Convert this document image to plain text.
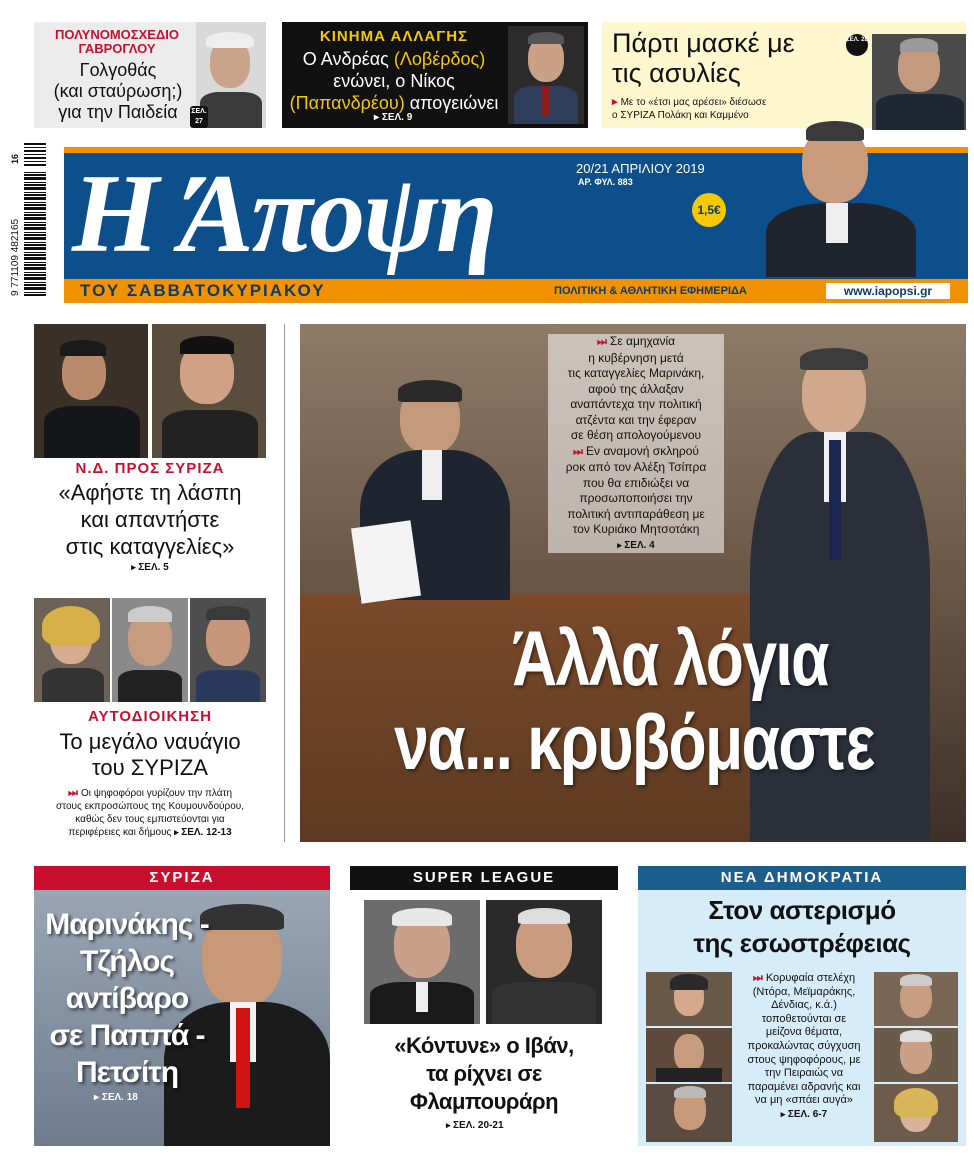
ΠΟΛΥΝΟΜΟΣΧΕΔΙΟ ΓΑΒΡΟΓΛΟΥ
Γολγοθάς
(και σταύρωση;)
για την Παιδεία	ΣΕΛ. 27
ΚΙΝΗΜΑ ΑΛΛΑΓΗΣ
Ο Ανδρέας (Λοβέρδος)
ενώνει, ο Νίκος
(Παπανδρέου) απογειώνει
▸ ΣΕΛ. 9
Πάρτι μασκέ με
τις ασυλίες
ΣΕΛ. 28
▸ Με το «έτσι μας αρέσει» διέσωσε
ο ΣΥΡΙΖΑ Πολάκη και Καμμένο
16
9 771109 482165 Η Άποψη
ΤΟΥ ΣΑΒΒΑΤΟΚΥΡΙΑΚΟΥ
20/21 ΑΠΡΙΛΙΟΥ 2019
ΑΡ. ΦΥΛ. 883
1,5€
ΠΟΛΙΤΙΚΗ & ΑΘΛΗΤΙΚΗ ΕΦΗΜΕΡΙΔΑ	www.iapopsi.gr
Ν.Δ. ΠΡΟΣ ΣΥΡΙΖΑ
«Αφήστε τη λάσπη
και απαντήστε
στις καταγγελίες»
▸ ΣΕΛ. 5
ΑΥΤΟΔΙΟΙΚΗΣΗ
Το μεγάλο ναυάγιο
του ΣΥΡΙΖΑ
⏭ Οι ψηφοφόροι γυρίζουν την πλάτη
στους εκπροσώπους της Κουμουνδούρου,
καθώς δεν τους εμπιστεύονται για
περιφέρειες και δήμους ▸ ΣΕΛ. 12-13
⏭ Σε αμηχανία
η κυβέρνηση μετά
τις καταγγελίες Μαρινάκη,
αφού της άλλαξαν
αναπάντεχα την πολιτική
ατζέντα και την έφεραν
σε θέση απολογούμενου
⏭ Εν αναμονή σκληρού
ροκ από τον Αλέξη Τσίπρα
που θα επιδιώξει να
προσωποποιήσει την
πολιτική αντιπαράθεση με
τον Κυριάκο Μητσοτάκη
▸ ΣΕΛ. 4
Άλλα λόγια
να... κρυβόμαστε
ΣΥΡΙΖΑ
Μαρινάκης -
Τζήλος
αντίβαρο
σε Παππά -
Πετσίτη
▸ ΣΕΛ. 18
SUPER LEAGUE
«Κόντυνε» ο Ιβάν,
τα ρίχνει σε
Φλαμπουράρη
▸ ΣΕΛ. 20-21
ΝΕΑ ΔΗΜΟΚΡΑΤΙΑ
Στον αστερισμό
της εσωστρέφειας
⏭ Κορυφαία στελέχη
(Ντόρα, Μεϊμαράκης,
Δένδιας, κ.ά.)
τοποθετούνται σε
μείζονα θέματα,
προκαλώντας σύγχυση
στους ψηφοφόρους, με
την Πειραιώς να
παραμένει αδρανής και
να μη «σπάει αυγά»
▸ ΣΕΛ. 6-7
